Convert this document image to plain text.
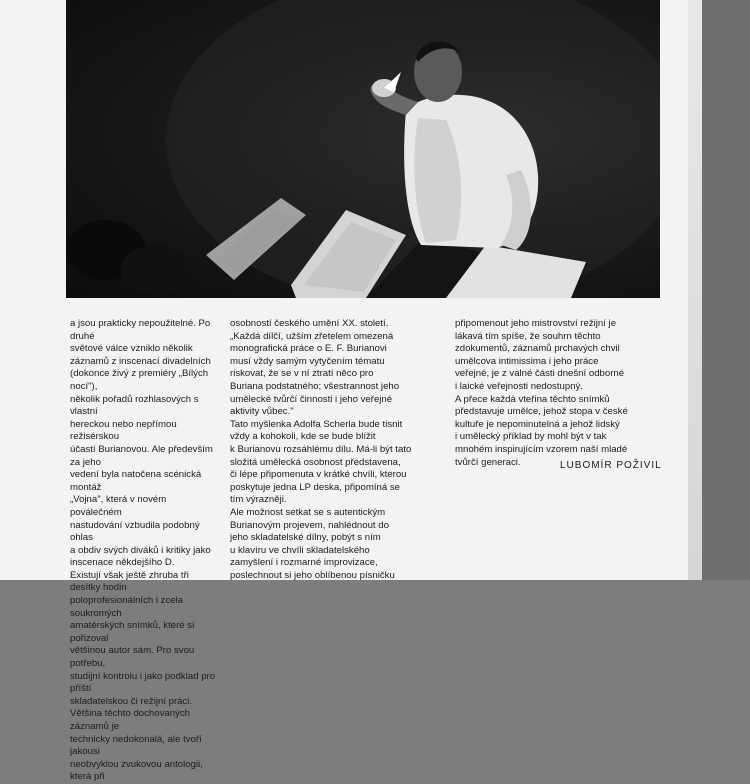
a jsou prakticky nepoužitelné. Po druhé
světové válce vzniklo několik
záznamů z inscenací divadelních
(dokonce živý z premiéry „Bílých nocí"),
několik pořadů rozhlasových s vlastní
hereckou nebo nepřímou režisérskou
účastí Burianovou. Ale především za jeho
vedení byla natočena scénická montáž
„Vojna", která v novém poválečném
nastudování vzbudila podobný ohlas
a obdiv svých diváků i kritiky jako
inscenace někdejšího D.
Existují však ještě zhruba tři desítky hodin
poloprofesionálních i zcela soukromých
amatérských snímků, které si pořizoval
většinou autor sám. Pro svou potřebu,
studijní kontrolu i jako podklad pro příští
skladatelskou či režijní práci.
Většina těchto dochovaných záznamů je
technicky nedokonalá, ale tvoří jakousi
neobvyklou zvukovou antologii, která při

osobností českého umění XX. století.
„Každá dílčí, užším zřetelem omezená
monografická práce o E. F. Burianovi
musí vždy samým vytyčením tématu
riskovat, že se v ní ztratí něco pro
Buriana podstatného; všestrannost jeho
umělecké tvůrčí činnosti i jeho veřejné
aktivity vůbec."
Tato myšlenka Adolfa Scherla bude tisnit
vždy a kohokoli, kde se bude blížit
k Burianovu rozsáhlému dílu. Má-li být tato
složitá umělecká osobnost představena,
či lépe připomenuta v krátké chvíli, kterou
poskytuje jedna LP deska, připomíná se
tím výrazněji.
Ale možnost setkat se s autentickým
Burianovým projevem, nahlédnout do
jeho skladatelské dílny, pobýt s ním
u klavíru ve chvíli skladatelského
zamyšlení i rozmarné improvizace,
poslechnout si jeho oblíbenou písničku

připomenout jeho mistrovství režijní je
lákavá tím spíše, že souhrn těchto
zdokumentů, záznamů prchavých chvil
umělcova intimissima i jeho práce
veřejné, je z valné části dnešní odborné
i laické veřejnosti nedostupný.
A přece každá vteřina těchto snímků
představuje umělce, jehož stopa v české
kultuře je nepominutelná a jehož lidský
i umělecký příklad by mohl být v tak
mnohém inspirujícím vzorem naší mladé
tvůrčí generaci.	LUBOMÍR POŽIVIL
